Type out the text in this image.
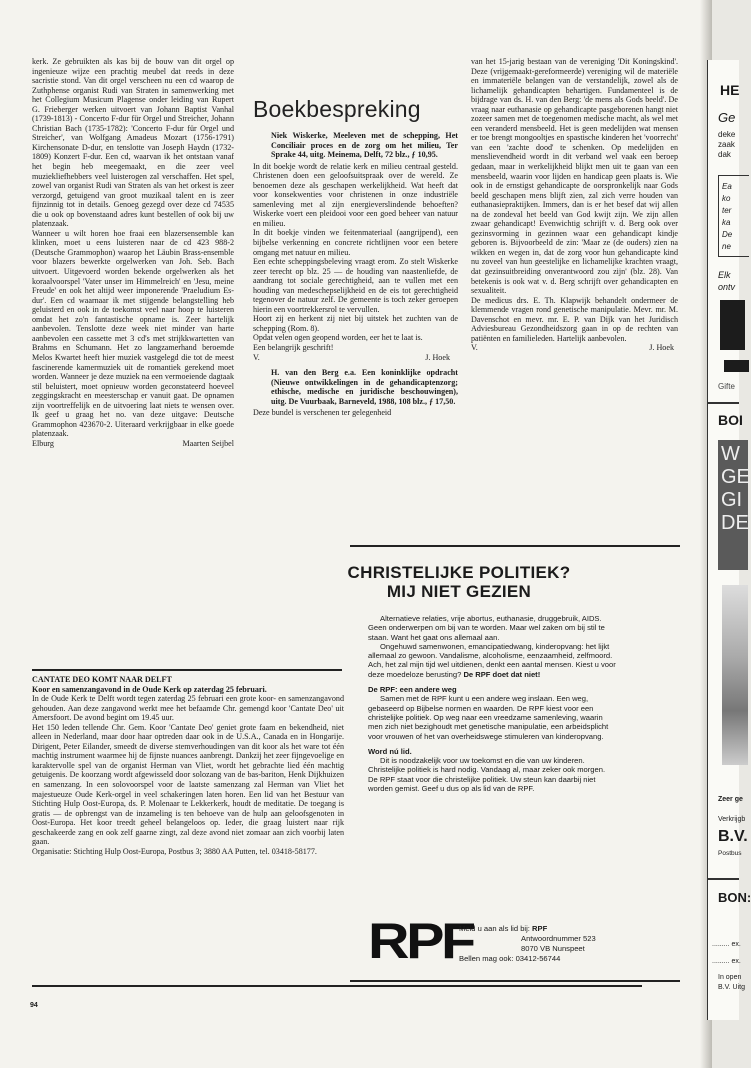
kerk. Ze gebruikten als kas bij de bouw van dit orgel op ingenieuze wijze een prachtig meubel dat reeds in deze sacristie stond. Van dit orgel verscheen nu een cd waarop de Zuthphense organist Rudi van Straten in samenwerking met het Collegium Musicum Plagense onder leiding van Rupert G. Frieberger werken uitvoert van Johann Baptist Vanhal (1739-1813) - Concerto F-dur für Orgel und Streicher, Johann Christian Bach (1735-1782): 'Concerto F-dur für Orgel und Streicher', van Wolfgang Amadeus Mozart (1756-1791) Kirchensonate D-dur, en tenslotte van Joseph Haydn (1732-1809) Konzert F-dur. Een cd, waarvan ik het ontstaan vanaf het begin heb meegemaakt, en die zeer veel muziekliefhebbers veel luisterogen zal verschaffen. Het spel, zowel van organist Rudi van Straten als van het orkest is zeer verzorgd, getuigend van groot muzikaal talent en is zeer fijnzinnig tot in details. Genoeg gezegd over deze cd 74535 die u ook op bovenstaand adres kunt bestellen of ook bij uw platenzaak.

Wanneer u wilt horen hoe fraai een blazersensemble kan klinken, moet u eens luisteren naar de cd 423 988-2 (Deutsche Grammophon) waarop het Läubin Brass-ensemble voor blazers bewerkte orgelwerken van Joh. Seb. Bach uitvoert. Uitgevoerd worden bekende orgelwerken als het koraalvoorspel 'Vater unser im Himmelreich' en 'Jesu, meine Freude' en ook het altijd weer imponerende 'Praeludium Es-dur'. Een cd waarnaar ik met stijgende belangstelling heb geluisterd en ook in de toekomst veel naar hoop te luisteren omdat het zo'n fantastische opname is. Zeer hartelijk aanbevolen. Tenslotte deze week niet minder van harte aanbevolen een cassette met 3 cd's met strijkkwartetten van Brahms en Schumann. Het zo langzamerhand beroemde Melos Kwartet heeft hier muziek vastgelegd die tot de meest fascinerende kamermuziek uit de romantiek gerekend moet worden. Wanneer je deze muziek na een vermoeiende dagtaak stil beluistert, moet opnieuw worden geconstateerd hoeveel zeggingskracht en meesterschap er vanuit gaat. De opnamen zijn voortreffelijk en de uitvoering laat niets te wensen over. Ik geef u graag het no. van deze uitgave: Deutsche Grammophon 423670-2. Uiteraard verkrijgbaar in elke goede platenzaak.

Elburg	Maarten Seijbel

CANTATE DEO KOMT NAAR DELFT

Koor en samenzangavond in de Oude Kerk op zaterdag 25 februari.

In de Oude Kerk te Delft wordt tegen zaterdag 25 februari een grote koor- en samenzangavond gehouden. Aan deze zangavond werkt mee het befaamde Chr. gemengd koor 'Cantate Deo' uit Amersfoort. De avond begint om 19.45 uur.

Het 150 leden tellende Chr. Gem. Koor 'Cantate Deo' geniet grote faam en bekendheid, niet alleen in Nederland, maar door haar optreden daar ook in de U.S.A., Canada en in Hongarije. Dirigent, Peter Eilander, smeedt de diverse stemverhoudingen van dit koor als het ware tot één machtig instrument waarmee hij de fijnste nuances aanbrengt. Dankzij het zeer fijngevoelige en karaktervolle spel van de organist Herman van Vliet, wordt het gebrachte lied één machtig getuigenis. De koorzang wordt afgewisseld door solozang van de bas-bariton, Henk Dijkhuizen en samenzang. In een solovoorspel voor de laatste samenzang zal Herman van Vliet het majestueuze Oude Kerk-orgel in veel schakeringen laten horen. Een lid van het Bestuur van Stichting Hulp Oost-Europa, ds. P. Molenaar te Lekkerkerk, houdt de meditatie. De toegang is gratis — de opbrengst van de inzameling is ten behoeve van de hulp aan geloofsgenoten in Oost-Europa. Het koor treedt geheel belangeloos op. Ieder, die graag luistert naar rijk geschakeerde zang en ook zelf gaarne zingt, zal deze avond niet zomaar aan zich voorbij laten gaan.

Organisatie: Stichting Hulp Oost-Europa, Postbus 3; 3880 AA Putten, tel. 03418-58177.

94
Boekbespreking

Niek Wiskerke, Meeleven met de schepping, Het Conciliair proces en de zorg om het milieu, Ter Sprake 44, uitg. Meinema, Delft, 72 blz., ƒ 10,95.

In dit boekje wordt de relatie kerk en milieu centraal gesteld. Christenen doen een geloofsuitspraak over de wereld. Ze benoemen deze als geschapen werkelijkheid. Wat heeft dat voor konsekwenties voor christenen in onze industriële samenleving met al zijn energieverslindende behoeften? Wiskerke voert een pleidooi voor een goed beheer van natuur en milieu.

In dit boekje vinden we feitenmateriaal (aangrijpend), een bijbelse verkenning en concrete richtlijnen voor een betere omgang met natuur en milieu.

Een echte scheppingsbeleving vraagt erom. Zo stelt Wiskerke zeer terecht op blz. 25 — de houding van naastenliefde, de aandrang tot sociale gerechtigheid, aan te vullen met een houding van medeschepselijkheid en de eis tot gerechtigheid tegenover de natuur zelf. De gemeente is toch zeker geroepen hierin een voortrekkersrol te vervullen.

Hoort zij en herkent zij niet bij uitstek het zuchten van de schepping (Rom. 8).

Opdat velen ogen geopend worden, eer het te laat is.

Een belangrijk geschrift!

V.	J. Hoek

H. van den Berg e.a. Een koninklijke opdracht (Nieuwe ontwikkelingen in de gehandicaptenzorg; ethische, medische en juridische beschouwingen), uitg. De Vuurbaak, Barneveld, 1988, 108 blz., ƒ 17,50.

Deze bundel is verschenen ter gelegenheid

van het 15-jarig bestaan van de vereniging 'Dit Koningskind'. Deze (vrijgemaakt-gereformeerde) vereniging wil de materiële en immateriële belangen van de verstandelijk, zowel als de lichamelijk gehandicapten behartigen. Fundamenteel is de bijdrage van ds. H. van den Berg: 'de mens als Gods beeld'. De vraag naar euthanasie op gehandicapte pasgeborenen hangt niet zozeer samen met de toegenomen medische macht, als wel met een veranderd mensbeeld. Het is geen medelijden wat mensen er toe brengt mongooltjes en spastische kinderen het 'voorrecht' van een 'zachte dood' te schenken. Op medelijden en menslievendheid wordt in dit verband wel vaak een beroep gedaan, maar in werkelijkheid blijkt men uit te gaan van een mensbeeld, waarin voor lijden en handicap geen plaats is. Wie ook in de ernstigst gehandicapte de oorspronkelijk naar Gods beeld geschapen mens blijft zien, zal zich verre houden van euthanasiepraktijken. Immers, dan is er het besef dat wij allen na de zondeval het beeld van God kwijt zijn. We zijn allen zwaar gehandicapt! Evenwichtig schrijft v. d. Berg ook over gezinsvorming in gezinnen waar een gehandicapt kindje geboren is. Bijvoorbeeld de zin: 'Maar ze (de ouders) zien na wikken en wegen in, dat de zorg voor hun gehandicapte kind nu zoveel van hun geestelijke en lichamelijke krachten vraagt, dat gezinsuitbreiding onverantwoord zou zijn' (blz. 28). Van betekenis is ook wat v. d. Berg schrijft over gehandicapten en sexualiteit.

De medicus drs. E. Th. Klapwijk behandelt ondermeer de klemmende vragen rond genetische manipulatie. Mevr. mr. M. Davenschot en mevr. mr. E. P. van Dijk van het Juridisch Adviesbureau Gezondheidszorg gaan in op de rechten van patiënten en familieleden. Hartelijk aanbevolen.

V.	J. Hoek
CHRISTELIJKE POLITIEK?
MIJ NIET GEZIEN

Alternatieve relaties, vrije abortus, euthanasie, druggebruik, AIDS. Geen onderwerpen om bij van te worden. Maar wel zaken om bij stil te staan. Want het gaat ons allemaal aan.

Ongehuwd samenwonen, emancipatiedwang, kinderopvang: het lijkt allemaal zo gewoon. Vandalisme, alcoholisme, eenzaamheid, zelfmoord. Ach, het zal mijn tijd wel uitdienen, denkt een aantal mensen. Kiest u voor deze moedeloze berusting? De RPF doet dat niet!

De RPF: een andere weg

Samen met de RPF kunt u een andere weg inslaan. Een weg, gebaseerd op Bijbelse normen en waarden. De RPF kiest voor een christelijke politiek. Op weg naar een vreedzame samenleving, waarin men zich niet bezighoudt met genetische manipulatie, een arbeidsplicht voor vrouwen of het van overheidswege stimuleren van kinderopvang.

Word nú lid.

Dit is noodzakelijk voor uw toekomst en die van uw kinderen. Christelijke politiek is hard nodig. Vandaag al, maar zeker ook morgen. De RPF staat voor die christelijke politiek. Uw steun kan daarbij niet worden gemist. Geef u dus op als lid van de RPF.

RPF
Meld u aan als lid bij: RPF
Antwoordnummer 523
8070 VB Nunspeet
Bellen mag ook: 03412-56744
HE
Ge
deke
zaak
dak
Ea
ko
ter
ka
De
ne
Elk
ontv
Gifte
BOI
W
GE
GI
DE
Zeer ge
Verkrijgb
B.V.
Postbus
BON:
......... ex.
......... ex.
In open
B.V. Uitg
